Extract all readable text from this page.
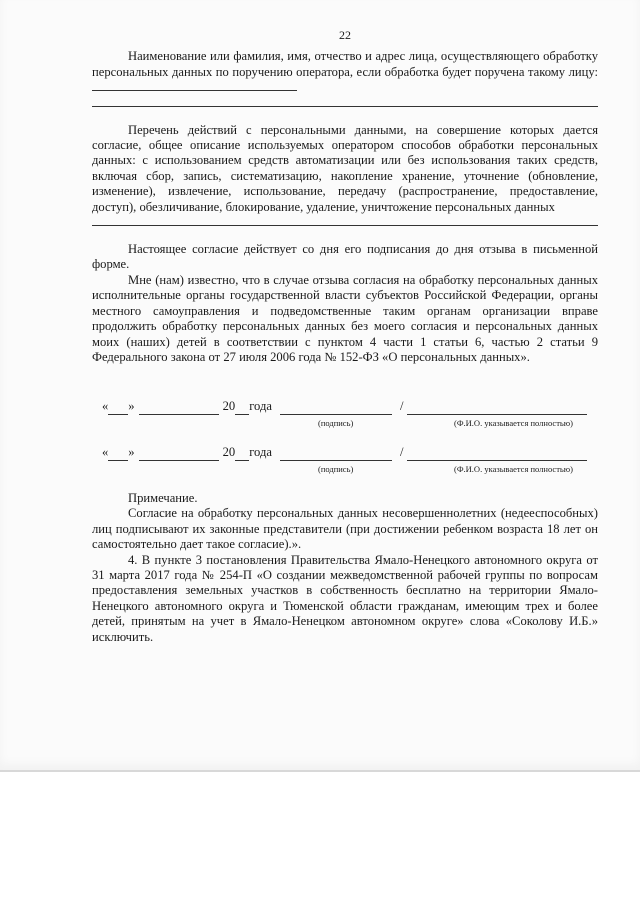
22

Наименование или фамилия, имя, отчество и адрес лица, осуществляющего обработку персональных данных по поручению оператора, если обработка будет поручена такому лицу:

Перечень действий с персональными данными, на совершение которых дается согласие, общее описание используемых оператором способов обработки персональных данных: с использованием средств автоматизации или без использования таких средств, включая сбор, запись, систематизацию, накопление хранение, уточнение (обновление, изменение), извлечение, использование, передачу (распространение, предоставление, доступ), обезличивание, блокирование, удаление, уничтожение персональных данных

Настоящее согласие действует со дня его подписания до дня отзыва в письменной форме.

Мне (нам) известно, что в случае отзыва согласия на обработку персональных данных исполнительные органы государственной власти субъектов Российской Федерации, органы местного самоуправления и подведомственные таким органам организации вправе продолжить обработку персональных данных без моего согласия и персональных данных моих (наших) детей в соответствии с пунктом 4 части 1 статьи 6, частью 2 статьи 9 Федерального закона от 27 июля 2006 года № 152-ФЗ «О персональных данных».

« »	20 года	/
(подпись)	(Ф.И.О. указывается полностью)
« »	20 года	/
(подпись)	(Ф.И.О. указывается полностью)

Примечание.

Согласие на обработку персональных данных несовершеннолетних (недееспособных) лиц подписывают их законные представители (при достижении ребенком возраста 18 лет он самостоятельно дает такое согласие).».

4. В пункте 3 постановления Правительства Ямало-Ненецкого автономного округа от 31 марта 2017 года № 254-П «О создании межведомственной рабочей группы по вопросам предоставления земельных участков в собственность бесплатно на территории Ямало-Ненецкого автономного округа и Тюменской области гражданам, имеющим трех и более детей, принятым на учет в Ямало-Ненецком автономном округе» слова «Соколову И.Б.» исключить.
